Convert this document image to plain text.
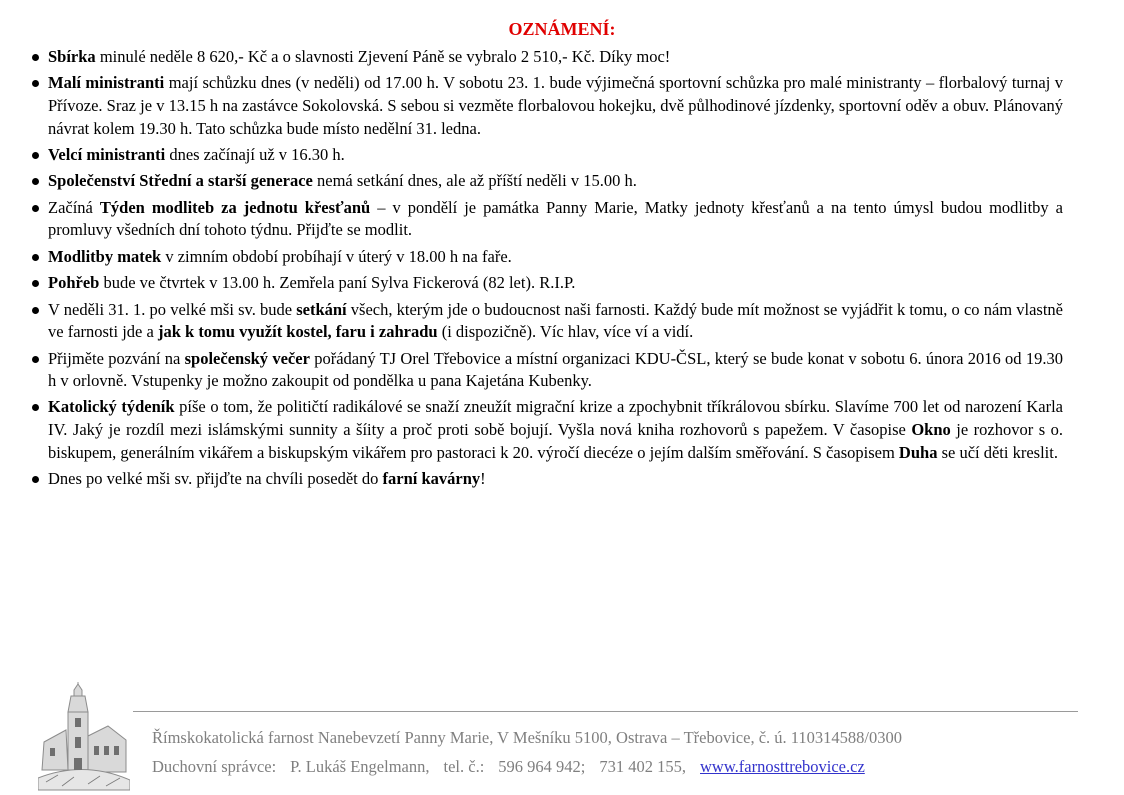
OZNÁMENÍ:
Sbírka minulé neděle 8 620,- Kč a o slavnosti Zjevení Páně se vybralo 2 510,- Kč. Díky moc!
Malí ministranti mají schůzku dnes (v neděli) od 17.00 h. V sobotu 23. 1. bude výjimečná sportovní schůzka pro malé ministranty – florbalový turnaj v Přívoze. Sraz je v 13.15 h na zastávce Sokolovská. S sebou si vezměte florbalovou hokejku, dvě půlhodinové jízdenky, sportovní oděv a obuv. Plánovaný návrat kolem 19.30 h. Tato schůzka bude místo nedělní 31. ledna.
Velcí ministranti dnes začínají už v 16.30 h.
Společenství Střední a starší generace nemá setkání dnes, ale až příští neděli v 15.00 h.
Začíná Týden modliteb za jednotu křesťanů – v pondělí je památka Panny Marie, Matky jednoty křesťanů a na tento úmysl budou modlitby a promluvy všedních dní tohoto týdnu. Přijďte se modlit.
Modlitby matek v zimním období probíhají v úterý v 18.00 h na faře.
Pohřeb bude ve čtvrtek v 13.00 h. Zemřela paní Sylva Fickerová (82 let). R.I.P.
V neděli 31. 1. po velké mši sv. bude setkání všech, kterým jde o budoucnost naši farnosti. Každý bude mít možnost se vyjádřit k tomu, o co nám vlastně ve farnosti jde a jak k tomu využít kostel, faru i zahradu (i dispozičně). Víc hlav, více ví a vidí.
Přijměte pozvání na společenský večer pořádaný TJ Orel Třebovice a místní organizaci KDU-ČSL, který se bude konat v sobotu 6. února 2016 od 19.30 h v orlovně. Vstupenky je možno zakoupit od pondělka u pana Kajetána Kubenky.
Katolický týdeník píše o tom, že političtí radikálové se snaží zneužít migrační krize a zpochybnit tříkrálovou sbírku. Slavíme 700 let od narození Karla IV. Jaký je rozdíl mezi islámskými sunnity a šíity a proč proti sobě bojují. Vyšla nová kniha rozhovorů s papežem. V časopise Okno je rozhovor s o. biskupem, generálním vikářem a biskupským vikářem pro pastoraci k 20. výročí diecéze o jejím dalším směřování. S časopisem Duha se učí děti kreslit.
Dnes po velké mši sv. přijďte na chvíli posedět do farní kavárny!
Římskokatolická farnost Nanebevzetí Panny Marie, V Mešníku 5100, Ostrava – Třebovice, č. ú. 110314588/0300
Duchovní správce: P. Lukáš Engelmann, tel. č.: 596 964 942; 731 402 155, www.farnosttrebovice.cz
